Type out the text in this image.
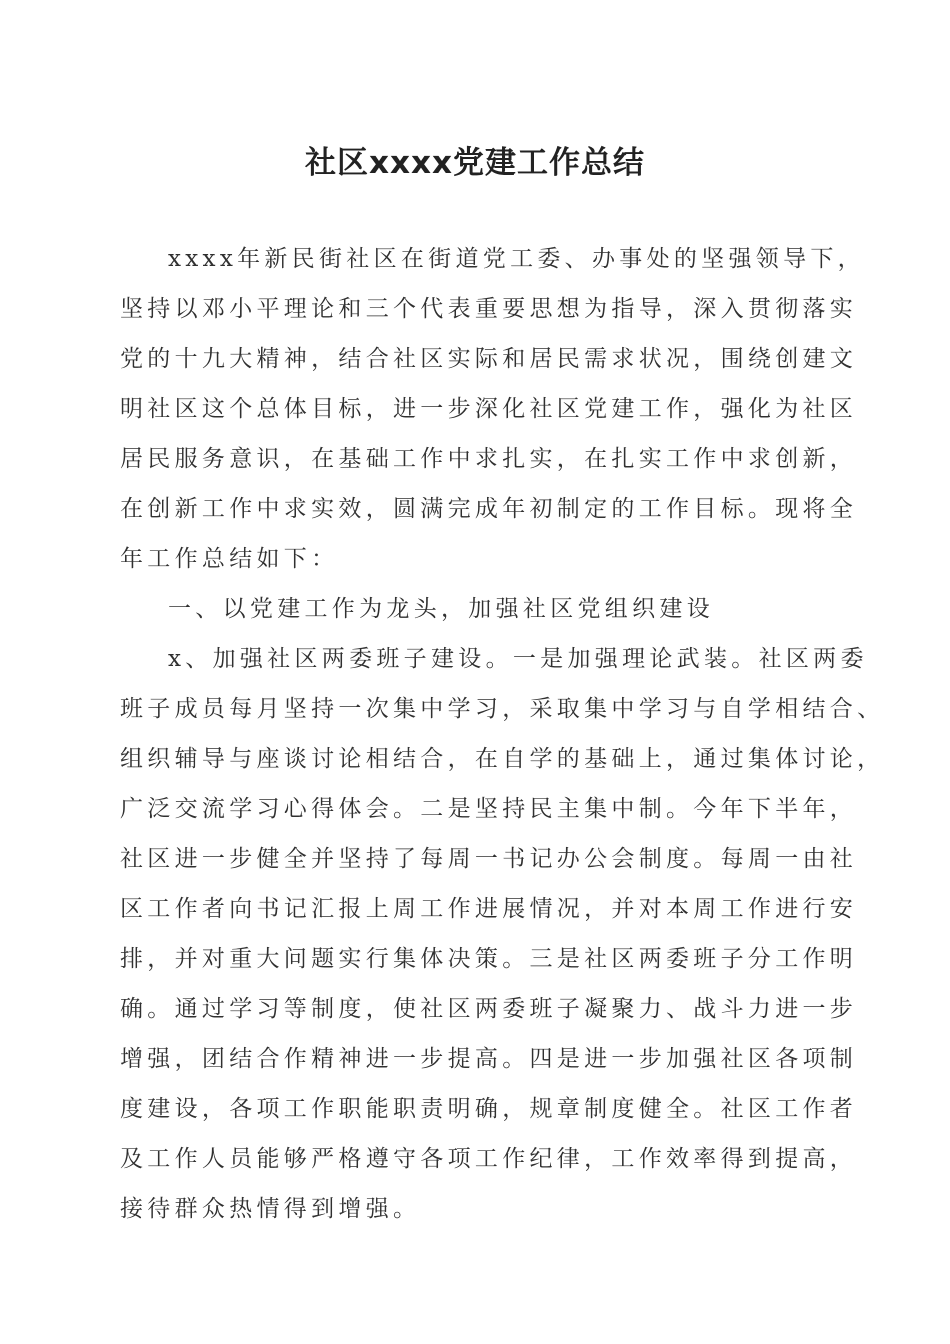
社区xxxx党建工作总结
xxxx年新民街社区在街道党工委、办事处的坚强领导下，
坚持以邓小平理论和三个代表重要思想为指导，深入贯彻落实
党的十九大精神，结合社区实际和居民需求状况，围绕创建文
明社区这个总体目标，进一步深化社区党建工作，强化为社区
居民服务意识，在基础工作中求扎实，在扎实工作中求创新，
在创新工作中求实效，圆满完成年初制定的工作目标。现将全
年工作总结如下：
一、以党建工作为龙头，加强社区党组织建设
x、加强社区两委班子建设。一是加强理论武装。社区两委
班子成员每月坚持一次集中学习，采取集中学习与自学相结合、
组织辅导与座谈讨论相结合，在自学的基础上，通过集体讨论，
广泛交流学习心得体会。二是坚持民主集中制。今年下半年，
社区进一步健全并坚持了每周一书记办公会制度。每周一由社
区工作者向书记汇报上周工作进展情况，并对本周工作进行安
排，并对重大问题实行集体决策。三是社区两委班子分工作明
确。通过学习等制度，使社区两委班子凝聚力、战斗力进一步
增强，团结合作精神进一步提高。四是进一步加强社区各项制
度建设，各项工作职能职责明确，规章制度健全。社区工作者
及工作人员能够严格遵守各项工作纪律，工作效率得到提高，
接待群众热情得到增强。
